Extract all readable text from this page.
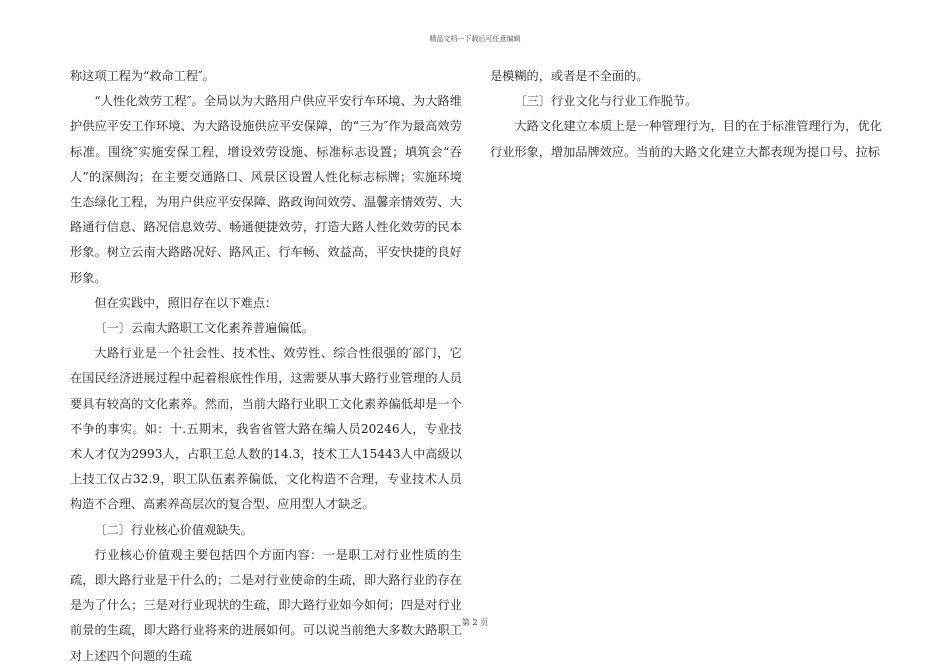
精品文档---下载后可任意编辑

称这项工程为“救命工程″。

“人性化效劳工程″。全局以为大路用户供应平安行车环境、为大路维护供应平安工作环境、为大路设施供应平安保障，的“三为″作为最高效劳标准。围绕″实施安保工程，增设效劳设施、标准标志设置；填筑会“吞人”的深侧沟；在主要交通路口、风景区设置人性化标志标牌；实施环境生态绿化工程，为用户供应平安保障、路政询问效劳、温馨亲情效劳、大路通行信息、路况信息效劳、畅通便捷效劳，打造大路人性化效劳的民本形象。树立云南大路路况好、路风正、行车畅、效益高，平安快捷的良好形象。

但在实践中，照旧存在以下难点：

〔一〕云南大路职工文化素养普遍偏低。

大路行业是一个社会性、技术性、效劳性、综合性很强的′部门，它在国民经济进展过程中起着根底性作用，这需要从事大路行业管理的人员要具有较高的文化素养。然而，当前大路行业职工文化素养偏低却是一个不争的事实。如：十.五期末，我省省管大路在编人员20246人，专业技术人才仅为2993人，占职工总人数的14.3，技术工人15443人中高级以上技工仅占32.9，职工队伍素养偏低，文化构造不合理，专业技术人员构造不合理、高素养高层次的复合型、应用型人才缺乏。

〔二〕行业核心价值观缺失。

行业核心价值观主要包括四个方面内容：一是职工对行业性质的生疏，即大路行业是干什么的；二是对行业使命的生疏，即大路行业的存在是为了什么；三是对行业现状的生疏，即大路行业如今如何；四是对行业前景的生疏，即大路行业将来的进展如何。可以说当前绝大多数大路职工对上述四个问题的生疏

是模糊的，或者是不全面的。

〔三〕行业文化与行业工作脱节。

大路文化建立本质上是一种管理行为，目的在于标准管理行为，优化行业形象，增加品牌效应。当前的大路文化建立大都表现为提口号、拉标

第 2 页
